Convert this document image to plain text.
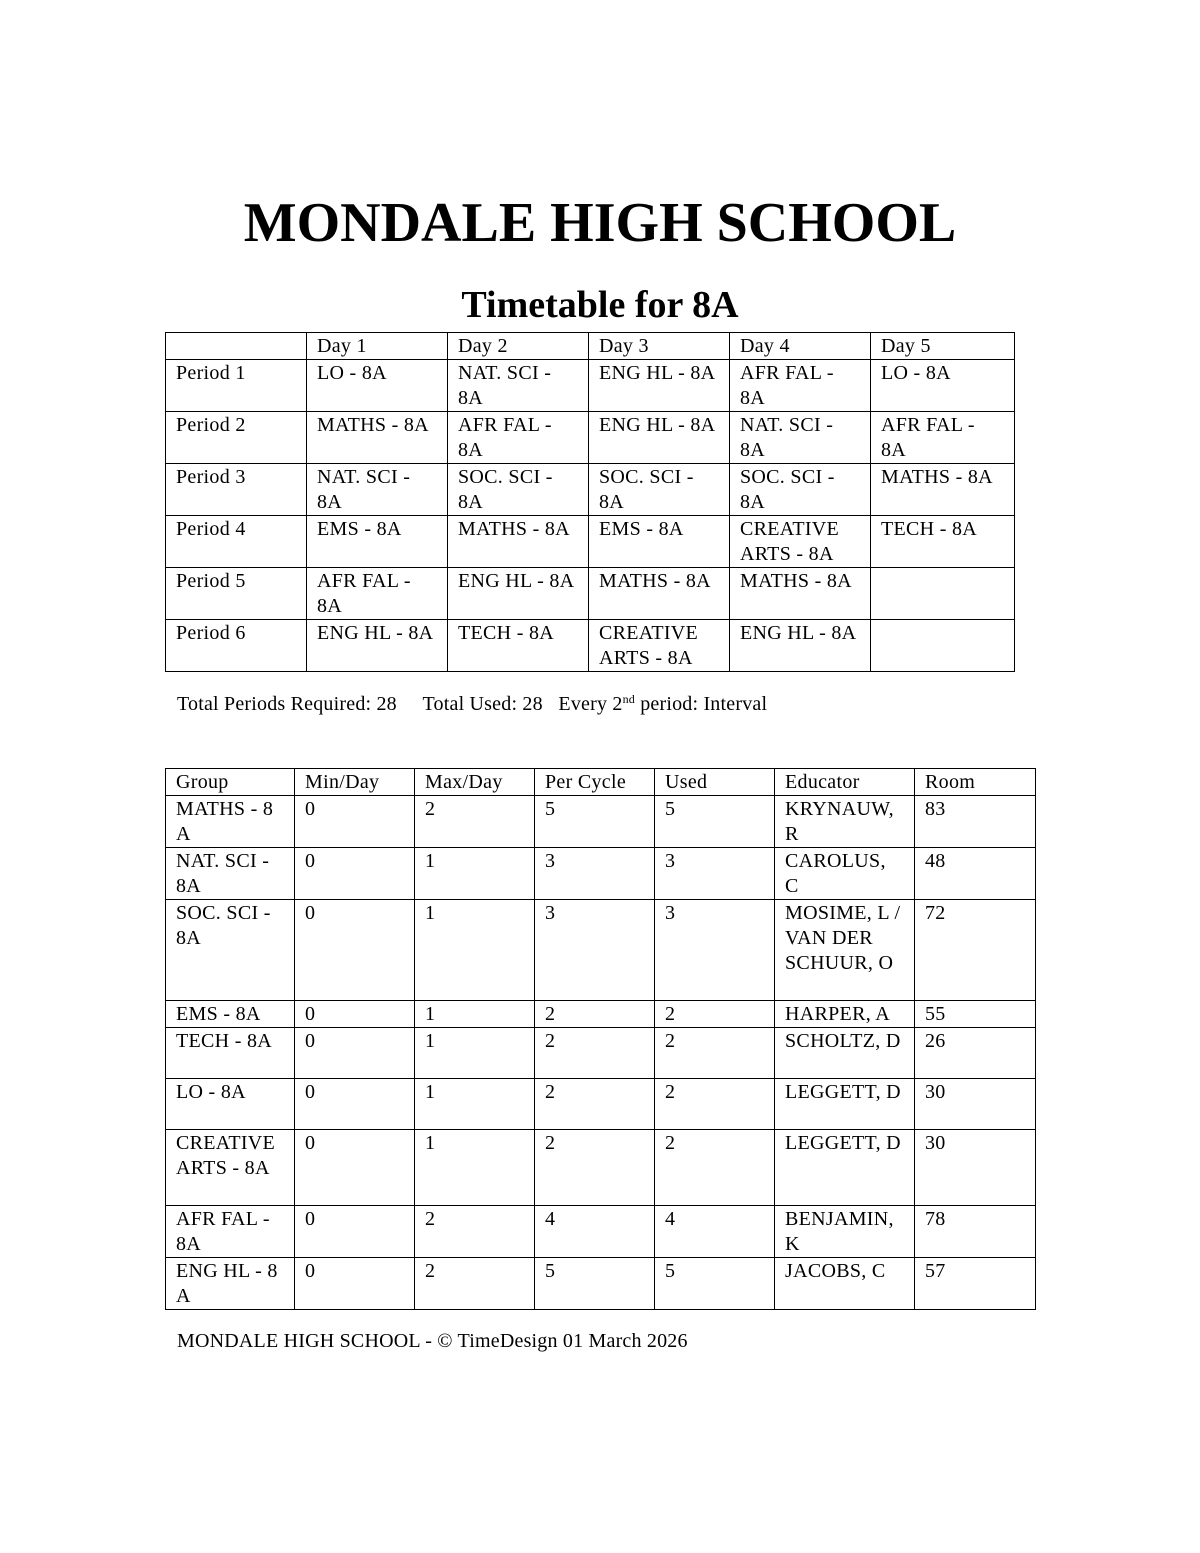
MONDALE HIGH SCHOOL
Timetable for 8A
	Day 1	Day 2	Day 3	Day 4	Day 5
Period 1	LO - 8A	NAT. SCI - 8A	ENG HL - 8A	AFR FAL - 8A	LO - 8A
Period 2	MATHS - 8A	AFR FAL - 8A	ENG HL - 8A	NAT. SCI - 8A	AFR FAL - 8A
Period 3	NAT. SCI - 8A	SOC. SCI - 8A	SOC. SCI - 8A	SOC. SCI - 8A	MATHS - 8A
Period 4	EMS - 8A	MATHS - 8A	EMS - 8A	CREATIVE ARTS - 8A	TECH - 8A
Period 5	AFR FAL - 8A	ENG HL - 8A	MATHS - 8A	MATHS - 8A	
Period 6	ENG HL - 8A	TECH - 8A	CREATIVE ARTS - 8A	ENG HL - 8A	
Total Periods Required: 28 Total Used: 28 Every 2nd period: Interval
Group	Min/Day	Max/Day	Per Cycle	Used	Educator	Room
MATHS - 8A	0	2	5	5	KRYNAUW, R	83
NAT. SCI - 8A	0	1	3	3	CAROLUS, C	48
SOC. SCI - 8A	0	1	3	3	MOSIME, L / VAN DER SCHUUR, O	72
EMS - 8A	0	1	2	2	HARPER, A	55
TECH - 8A	0	1	2	2	SCHOLTZ, D	26
LO - 8A	0	1	2	2	LEGGETT, D	30
CREATIVE ARTS - 8A	0	1	2	2	LEGGETT, D	30
AFR FAL - 8A	0	2	4	4	BENJAMIN, K	78
ENG HL - 8A	0	2	5	5	JACOBS, C	57
MONDALE HIGH SCHOOL - © TimeDesign 01 March 2026
